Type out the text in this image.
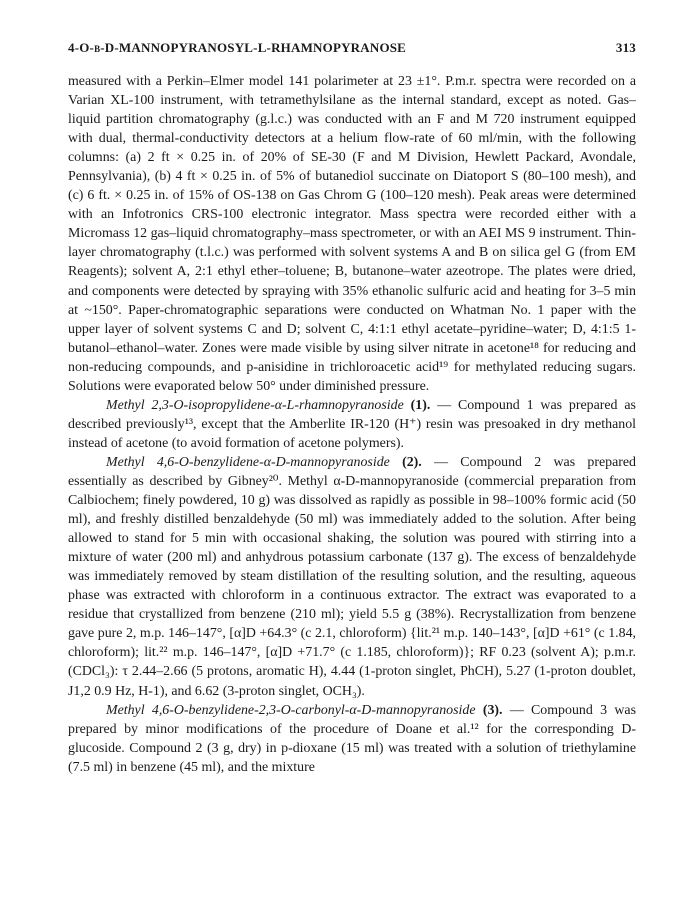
4-O-β-D-MANNOPYRANOSYL-L-RHAMNOPYRANOSE	313

measured with a Perkin–Elmer model 141 polarimeter at 23 ±1°. P.m.r. spectra were recorded on a Varian XL-100 instrument, with tetramethylsilane as the internal standard, except as noted. Gas–liquid partition chromatography (g.l.c.) was conducted with an F and M 720 instrument equipped with dual, thermal-conductivity detectors at a helium flow-rate of 60 ml/min, with the following columns: (a) 2 ft × 0.25 in. of 20% of SE-30 (F and M Division, Hewlett Packard, Avondale, Pennsylvania), (b) 4 ft × 0.25 in. of 5% of butanediol succinate on Diatoport S (80–100 mesh), and (c) 6 ft. × 0.25 in. of 15% of OS-138 on Gas Chrom G (100–120 mesh). Peak areas were determined with an Infotronics CRS-100 electronic integrator. Mass spectra were recorded either with a Micromass 12 gas–liquid chromatography–mass spectrometer, or with an AEI MS 9 instrument. Thin-layer chromatography (t.l.c.) was performed with solvent systems A and B on silica gel G (from EM Reagents); solvent A, 2:1 ethyl ether–toluene; B, butanone–water azeotrope. The plates were dried, and components were detected by spraying with 35% ethanolic sulfuric acid and heating for 3–5 min at ~150°. Paper-chromatographic separations were conducted on Whatman No. 1 paper with the upper layer of solvent systems C and D; solvent C, 4:1:1 ethyl acetate–pyridine–water; D, 4:1:5 1-butanol–ethanol–water. Zones were made visible by using silver nitrate in acetone¹⁸ for reducing and non-reducing compounds, and p-anisidine in trichloroacetic acid¹⁹ for methylated reducing sugars. Solutions were evaporated below 50° under diminished pressure.

Methyl 2,3-O-isopropylidene-α-L-rhamnopyranoside (1). — Compound 1 was prepared as described previously¹³, except that the Amberlite IR-120 (H⁺) resin was presoaked in dry methanol instead of acetone (to avoid formation of acetone polymers).

Methyl 4,6-O-benzylidene-α-D-mannopyranoside (2). — Compound 2 was prepared essentially as described by Gibney²⁰. Methyl α-D-mannopyranoside (commercial preparation from Calbiochem; finely powdered, 10 g) was dissolved as rapidly as possible in 98–100% formic acid (50 ml), and freshly distilled benzaldehyde (50 ml) was immediately added to the solution. After being allowed to stand for 5 min with occasional shaking, the solution was poured with stirring into a mixture of water (200 ml) and anhydrous potassium carbonate (137 g). The excess of benzaldehyde was immediately removed by steam distillation of the resulting solution, and the resulting, aqueous phase was extracted with chloroform in a continuous extractor. The extract was evaporated to a residue that crystallized from benzene (210 ml); yield 5.5 g (38%). Recrystallization from benzene gave pure 2, m.p. 146–147°, [α]D +64.3° (c 2.1, chloroform) {lit.²¹ m.p. 140–143°, [α]D +61° (c 1.84, chloroform); lit.²² m.p. 146–147°, [α]D +71.7° (c 1.185, chloroform)}; RF 0.23 (solvent A); p.m.r. (CDCl₃): τ 2.44–2.66 (5 protons, aromatic H), 4.44 (1-proton singlet, PhCH), 5.27 (1-proton doublet, J1,2 0.9 Hz, H-1), and 6.62 (3-proton singlet, OCH₃).

Methyl 4,6-O-benzylidene-2,3-O-carbonyl-α-D-mannopyranoside (3). — Compound 3 was prepared by minor modifications of the procedure of Doane et al.¹² for the corresponding D-glucoside. Compound 2 (3 g, dry) in p-dioxane (15 ml) was treated with a solution of triethylamine (7.5 ml) in benzene (45 ml), and the mixture
